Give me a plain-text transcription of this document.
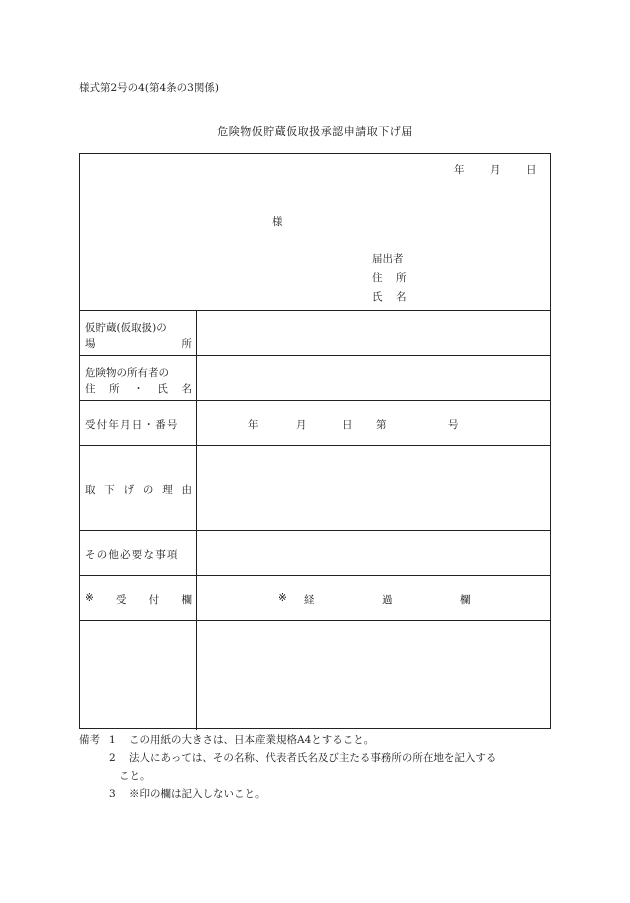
様式第2号の4(第4条の3関係)
危険物仮貯蔵仮取扱承認申請取下げ届
年 月 日
様
届出者
住 所
氏 名
仮貯蔵(仮取扱)の
場	所
危険物の所有者の
住 所 ・ 氏 名
受付年月日・番号	年	月	日 第	号
取 下 げ の 理 由
その他必要な事項
※ 受 付 欄	※ 経	過	欄
備考 1	この用紙の大きさは、日本産業規格A4とすること。
2	法人にあっては、その名称、代表者氏名及び主たる事務所の所在地を記入する
こと。
3	※印の欄は記入しないこと。
